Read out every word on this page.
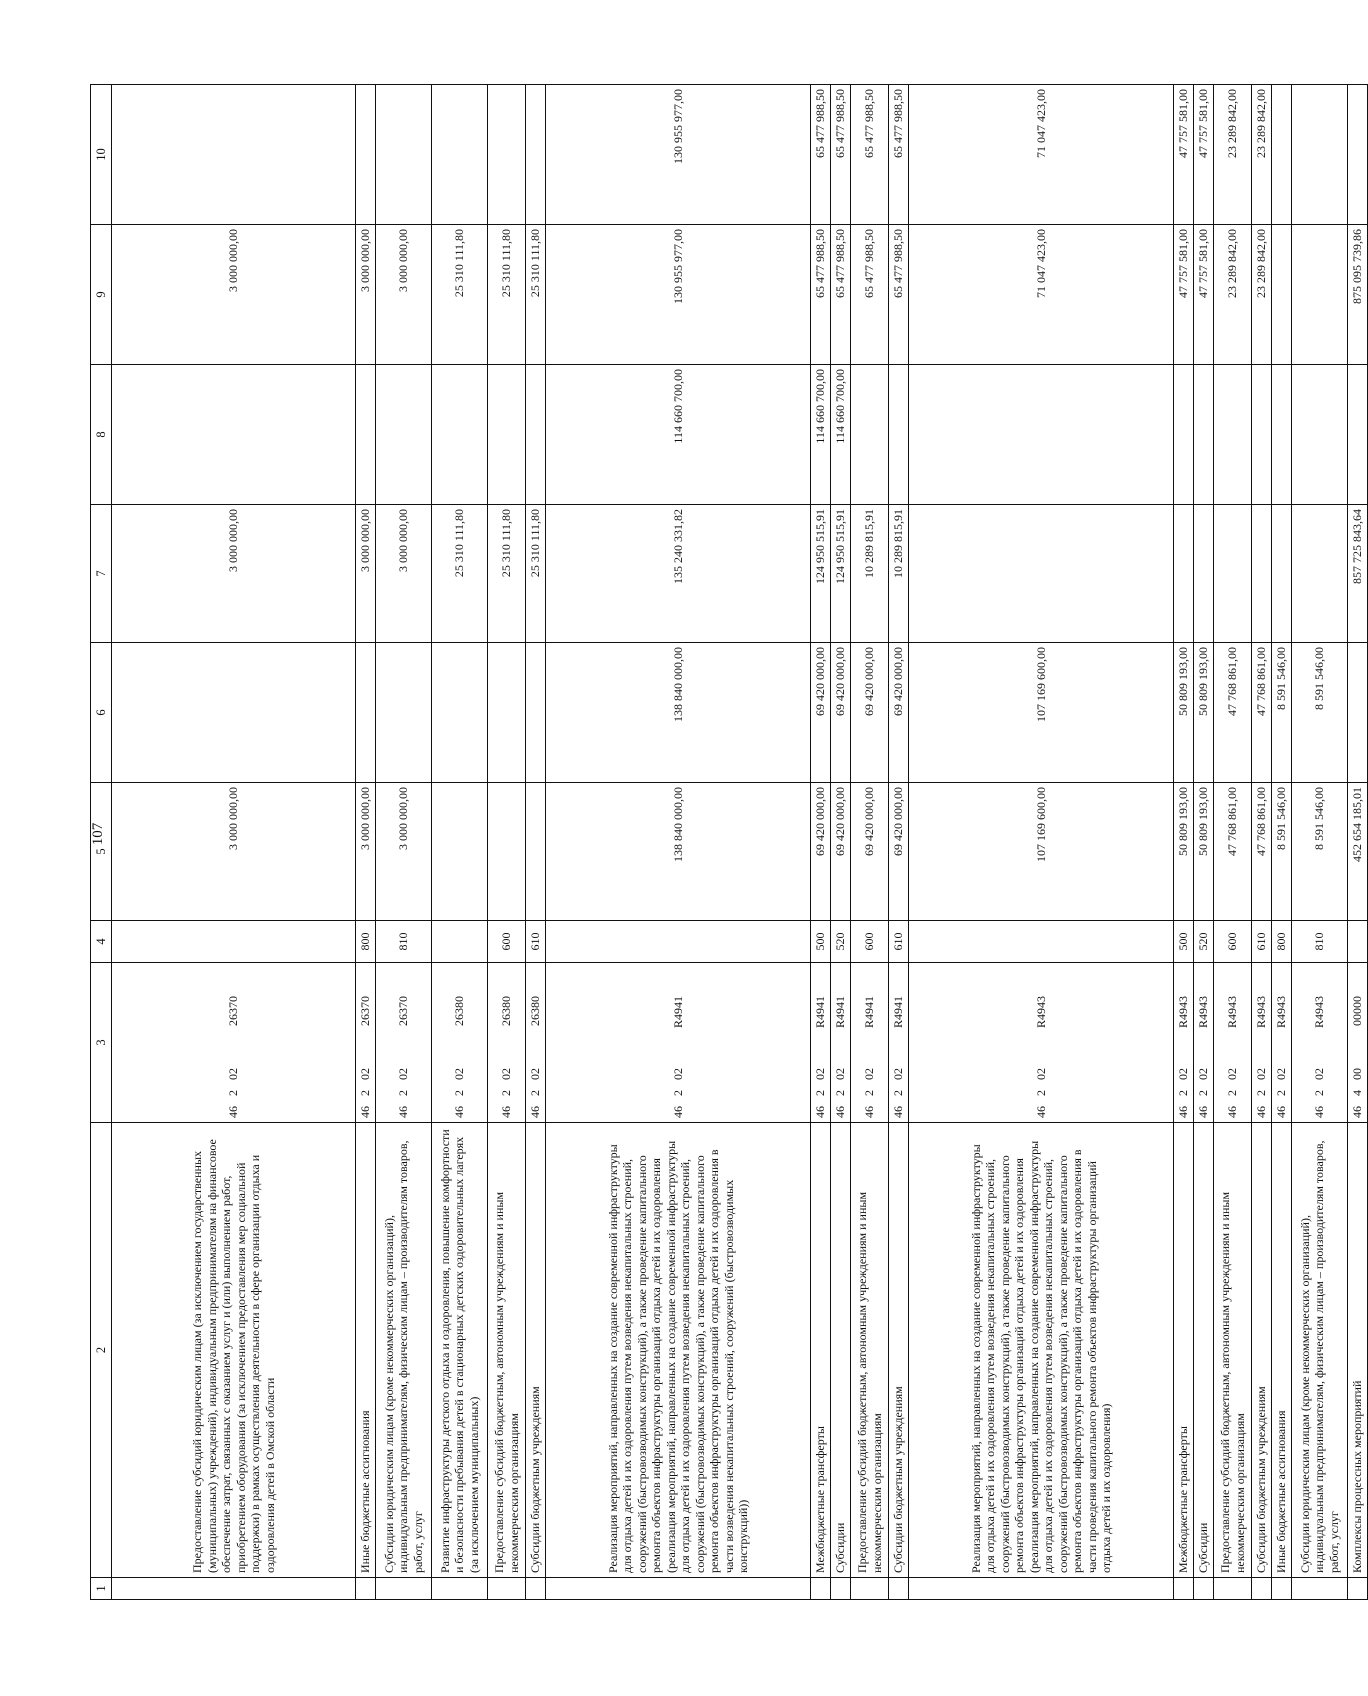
107
1	2	3	4	5	6	7	8	9	10
	Предоставление субсидий юридическим лицам (за исключением государственных (муниципальных) учреждений), индивидуальным предпринимателям на финансовое обеспечение затрат, связанных с оказанием услуг и (или) выполнением работ, приобретением оборудования (за исключением предоставления мер социальной поддержки) в рамках осуществления деятельности в сфере организации отдыха и оздоровления детей в Омской области	4620226370		3 000 000,00		3 000 000,00		3 000 000,00	
	Иные бюджетные ассигнования	4620226370	800	3 000 000,00		3 000 000,00		3 000 000,00	
	Субсидии юридическим лицам (кроме некоммерческих организаций), индивидуальным предпринимателям, физическим лицам – производителям товаров, работ, услуг	4620226370	810	3 000 000,00		3 000 000,00		3 000 000,00	
	Развитие инфраструктуры детского отдыха и оздоровления, повышение комфортности и безопасности пребывания детей в стационарных детских оздоровительных лагерях (за исключением муниципальных)	4620226380				25 310 111,80		25 310 111,80	
	Предоставление субсидий бюджетным, автономным учреждениям и иным некоммерческим организациям	4620226380	600			25 310 111,80		25 310 111,80	
	Субсидии бюджетным учреждениям	4620226380	610			25 310 111,80		25 310 111,80	
	Реализация мероприятий, направленных на создание современной инфраструктуры для отдыха детей и их оздоровления путем возведения некапитальных строений, сооружений (быстровозводимых конструкций), а также проведение капитального ремонта объектов инфраструктуры организаций отдыха детей и их оздоровления (реализация мероприятий, направленных на создание современной инфраструктуры для отдыха детей и их оздоровления путем возведения некапитальных строений, сооружений (быстровозводимых конструкций), а также проведение капитального ремонта объектов инфраструктуры организаций отдыха детей и их оздоровления в части возведения некапитальных строений, сооружений (быстровозводимых конструкций))	46202R4941		138 840 000,00	138 840 000,00	135 240 331,82	114 660 700,00	130 955 977,00	130 955 977,00
	Межбюджетные трансферты	46202R4941	500	69 420 000,00	69 420 000,00	124 950 515,91	114 660 700,00	65 477 988,50	65 477 988,50
	Субсидии	46202R4941	520	69 420 000,00	69 420 000,00	124 950 515,91	114 660 700,00	65 477 988,50	65 477 988,50
	Предоставление субсидий бюджетным, автономным учреждениям и иным некоммерческим организациям	46202R4941	600	69 420 000,00	69 420 000,00	10 289 815,91		65 477 988,50	65 477 988,50
	Субсидии бюджетным учреждениям	46202R4941	610	69 420 000,00	69 420 000,00	10 289 815,91		65 477 988,50	65 477 988,50
	Реализация мероприятий, направленных на создание современной инфраструктуры для отдыха детей и их оздоровления путем возведения некапитальных строений, сооружений (быстровозводимых конструкций), а также проведение капитального ремонта объектов инфраструктуры организаций отдыха детей и их оздоровления (реализация мероприятий, направленных на создание современной инфраструктуры для отдыха детей и их оздоровления путем возведения некапитальных строений, сооружений (быстровозводимых конструкций), а также проведение капитального ремонта объектов инфраструктуры организаций отдыха детей и их оздоровления в части проведения капитального ремонта объектов инфраструктуры организаций отдыха детей и их оздоровления)	46202R4943		107 169 600,00	107 169 600,00			71 047 423,00	71 047 423,00
	Межбюджетные трансферты	46202R4943	500	50 809 193,00	50 809 193,00			47 757 581,00	47 757 581,00
	Субсидии	46202R4943	520	50 809 193,00	50 809 193,00			47 757 581,00	47 757 581,00
	Предоставление субсидий бюджетным, автономным учреждениям и иным некоммерческим организациям	46202R4943	600	47 768 861,00	47 768 861,00			23 289 842,00	23 289 842,00
	Субсидии бюджетным учреждениям	46202R4943	610	47 768 861,00	47 768 861,00			23 289 842,00	23 289 842,00
	Иные бюджетные ассигнования	46202R4943	800	8 591 546,00	8 591 546,00				
	Субсидии юридическим лицам (кроме некоммерческих организаций), индивидуальным предпринимателям, физическим лицам – производителям товаров, работ, услуг	46202R4943	810	8 591 546,00	8 591 546,00				
	Комплексы процессных мероприятий	4640000000		452 654 185,01		857 725 843,64		875 095 739,86	
